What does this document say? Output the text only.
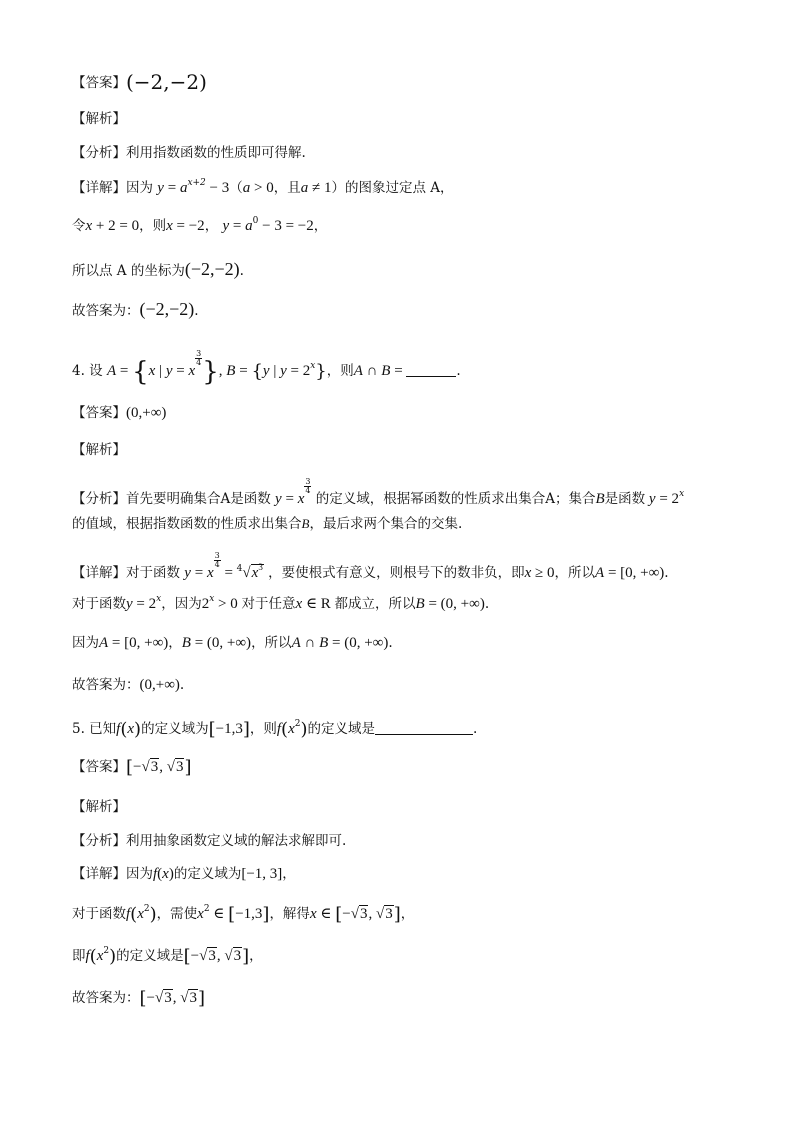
【答案】(−2,−2)
【解析】
【分析】利用指数函数的性质即可得解.
【详解】因为 $y = a^{x+2} - 3(a > 0$，且a ≠ 1）的图象过定点 A，
令x + 2 = 0，则x = −2， $y = a^0 - 3 = -2$，
所以点 A 的坐标为(−2,−2).
故答案为：(−2,−2).
4. 设 A = {x | y = x
$\frac{3}{4}$ }, B = {y | $y = 2^x$}，则A ∩ B =	.
【答案】(0,+∞)
【解析】
【分析】首先要明确集合A是函数 y = x
$\frac{3}{4}$
的定义域，根据幂函数的性质求出集合A；集合B是函数 $y = 2^x$
的值域，根据指数函数的性质求出集合B，最后求两个集合的交集.
【详解】对于函数 y = x
$\frac{3}{4}$
= $^4√x^3$ ，要使根式有意义，则根号下的数非负，即x ≥ 0，所以A = [0, +∞).
对于函数$y = 2^x$，因为$2^x > 0$ 对于任意x ∈ R 都成立，所以B = (0, +∞).
因为A = [0, +∞)，B = (0, +∞)，所以A ∩ B = (0, +∞).
故答案为：(0,+∞).
5. 已知f(x)的定义域为[−1,3]，则$f(x^2)$的定义域是	.
【答案】[−√3, √3]
【解析】
【分析】利用抽象函数定义域的解法求解即可.
【详解】因为f(x)的定义域为[−1, 3]，
对于函数$f(x^2)$，需使$x^2$ ∈ [−1,3]，解得x ∈ [−√3, √3]，
即$f(x^2)$的定义域是[−√3, √3]，
故答案为：[−√3, √3]
